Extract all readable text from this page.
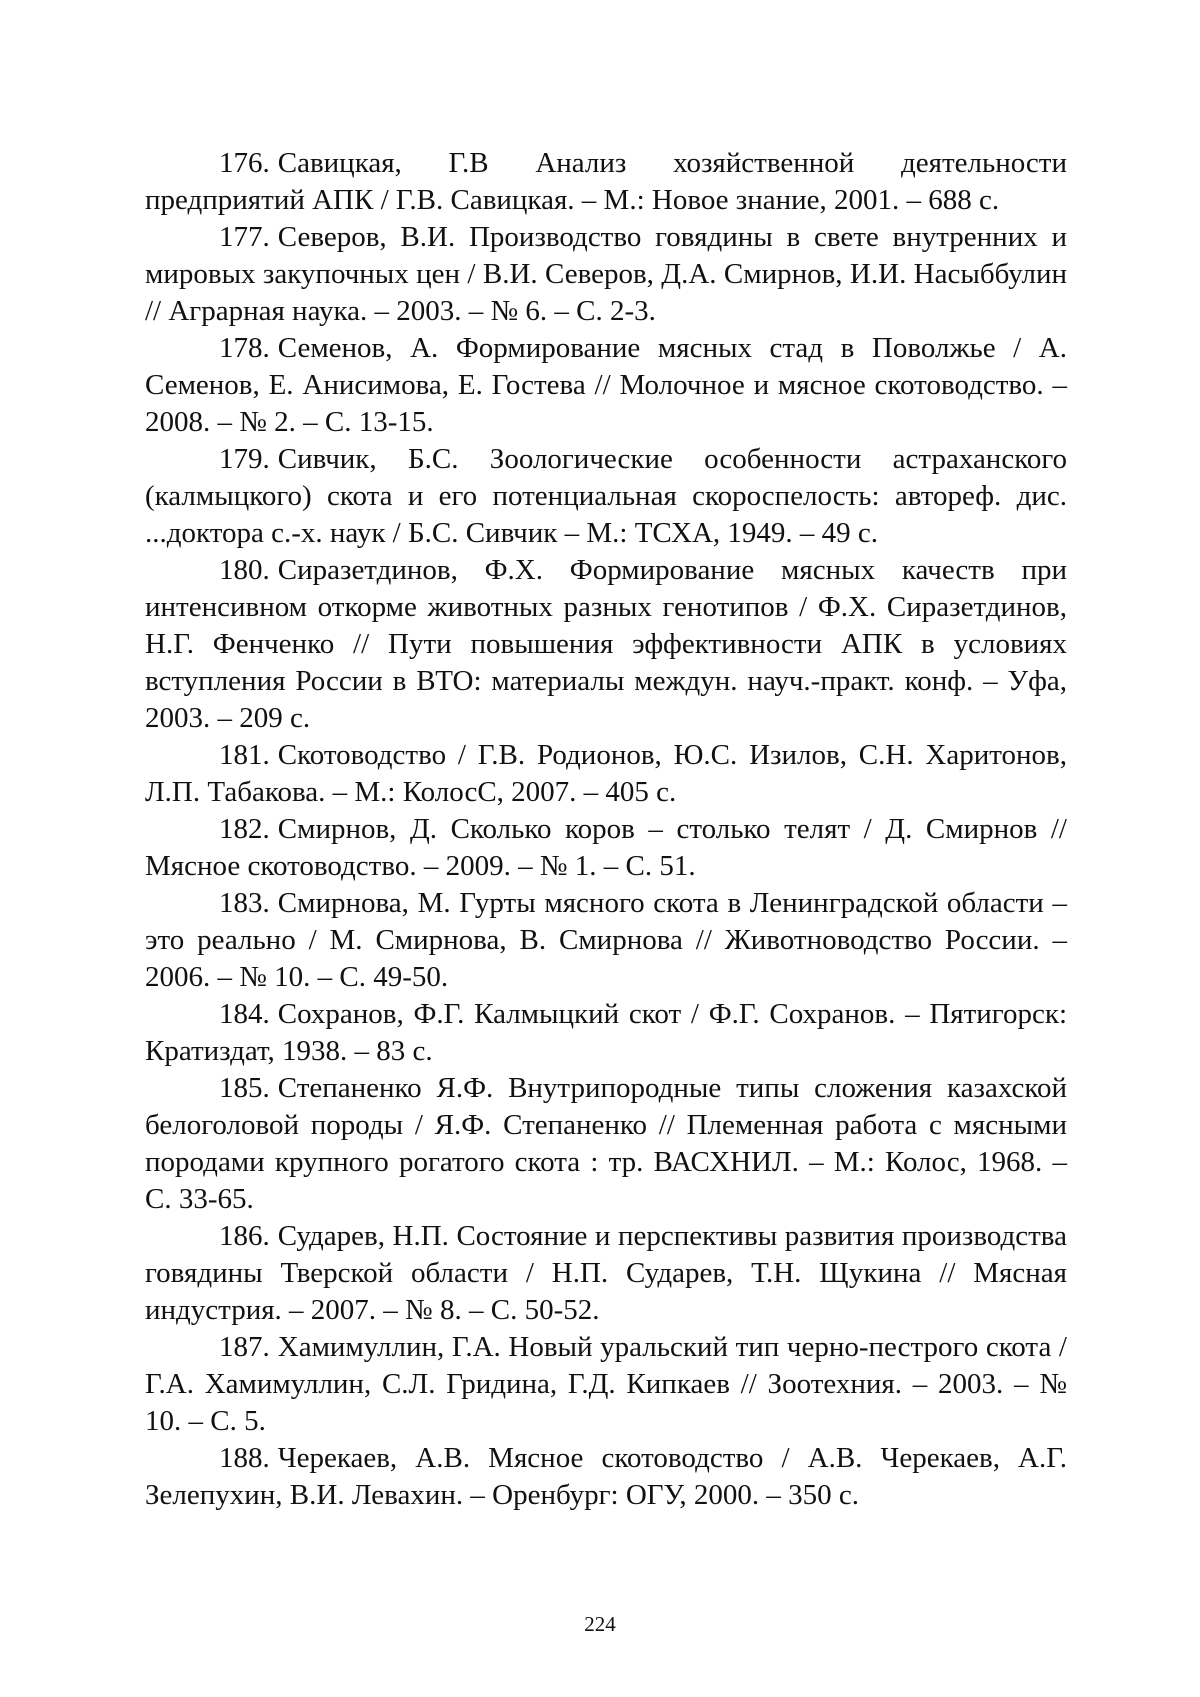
176. Савицкая, Г.В Анализ хозяйственной деятельности предприятий АПК / Г.В. Савицкая. – М.: Новое знание, 2001. – 688 с.

177. Северов, В.И. Производство говядины в свете внутренних и мировых закупочных цен / В.И. Северов, Д.А. Смирнов, И.И. Насыббулин // Аграрная наука. – 2003. – № 6. – С. 2-3.

178. Семенов, А. Формирование мясных стад в Поволжье / А. Семенов, Е. Анисимова, Е. Гостева // Молочное и мясное скотоводство. – 2008. – № 2. – С. 13-15.

179. Сивчик, Б.С. Зоологические особенности астраханского (калмыцкого) скота и его потенциальная скороспелость: автореф. дис. ...доктора с.-х. наук / Б.С. Сивчик – М.: ТСХА, 1949. – 49 с.

180. Сиразетдинов, Ф.Х. Формирование мясных качеств при интенсивном откорме животных разных генотипов / Ф.Х. Сиразетдинов, Н.Г. Фенченко // Пути повышения эффективности АПК в условиях вступления России в ВТО: материалы междун. науч.-практ. конф. – Уфа, 2003. – 209 с.

181. Скотоводство / Г.В. Родионов, Ю.С. Изилов, С.Н. Харитонов, Л.П. Табакова. – М.: КолосС, 2007. – 405 с.

182. Смирнов, Д. Сколько коров – столько телят / Д. Смирнов // Мясное скотоводство. – 2009. – № 1. – С. 51.

183. Смирнова, М. Гурты мясного скота в Ленинградской области – это реально / М. Смирнова, В. Смирнова // Животноводство России. – 2006. – № 10. – С. 49-50.

184. Сохранов, Ф.Г. Калмыцкий скот / Ф.Г. Сохранов. – Пятигорск: Кратиздат, 1938. – 83 с.

185. Степаненко Я.Ф. Внутрипородные типы сложения казахской белоголовой породы / Я.Ф. Степаненко // Племенная работа с мясными породами крупного рогатого скота : тр. ВАСХНИЛ. – М.: Колос, 1968. – С. 33-65.

186. Сударев, Н.П. Состояние и перспективы развития производства говядины Тверской области / Н.П. Сударев, Т.Н. Щукина // Мясная индустрия. – 2007. – № 8. – С. 50-52.

187. Хамимуллин, Г.А. Новый уральский тип черно-пестрого скота / Г.А. Хамимуллин, С.Л. Гридина, Г.Д. Кипкаев // Зоотехния. – 2003. – № 10. – С. 5.

188. Черекаев, А.В. Мясное скотоводство / А.В. Черекаев, А.Г. Зелепухин, В.И. Левахин. – Оренбург: ОГУ, 2000. – 350 с.

224
